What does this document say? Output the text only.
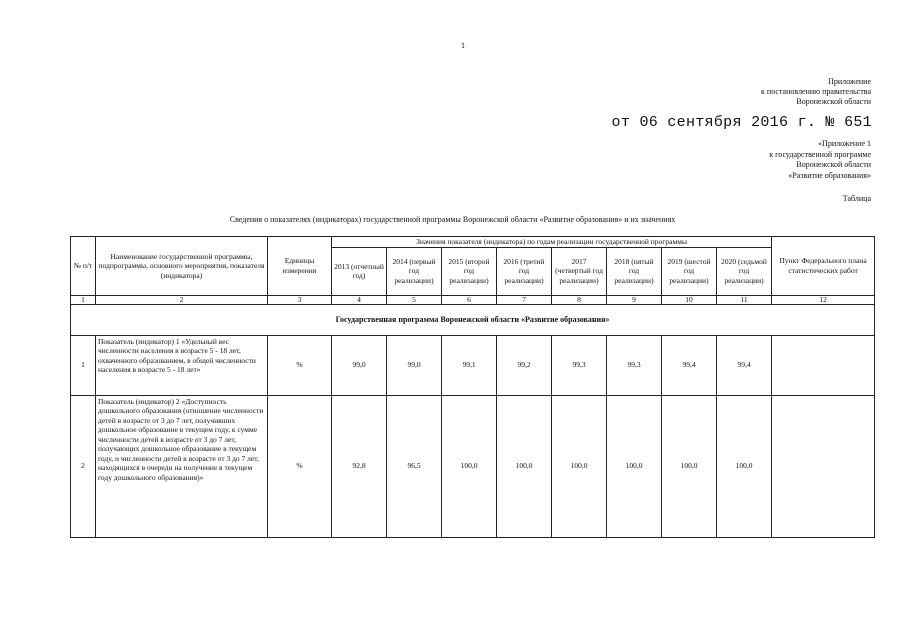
1
Приложение
к постановлению правительства
Воронежской области
от 06 сентября 2016 г. № 651
«Приложение 1
к государственной программе
Воронежской области
«Развитие образования»
Таблица
Сведения о показателях (индикаторах) государственной программы Воронежской области «Развитие образования» и их значениях
№ п/т	Наименование государственной программы, подпрограммы, основного мероприятия, показателя (индикатора)	Единицы измерения	Значения показателя (индикатора) по годам реализации государственной программы								Пункт Федерального плана статистических работ
			2013 (отчетный год)	2014 (первый год реализации)	2015 (второй год реализации)	2016 (третий год реализации)	2017 (четвертый год реализации)	2018 (пятый год реализации)	2019 (шестой год реализации)	2020 (седьмой год реализации)	
1	2	3	4	5	6	7	8	9	10	11	12
Государственная программа Воронежской области «Развитие образования»											
1	Показатель (индикатор) 1 «Удельный вес численности населения в возрасте 5 - 18 лет, охваченного образованием, в общей численности населения в возрасте 5 - 18 лет»	%	99,0	99,0	99,1	99,2	99,3	99,3	99,4	99,4	
2	Показатель (индикатор) 2 «Доступность дошкольного образования (отношение численности детей в возрасте от 3 до 7 лет, получивших дошкольное образование в текущем году, к сумме численности детей в возрасте от 3 до 7 лет, получающих дошкольное образование в текущем году, и численности детей в возрасте от 3 до 7 лет, находящихся в очереди на получение в текущем году дошкольного образования)»	%	92,8	96,5	100,0	100,0	100,0	100,0	100,0	100,0	
